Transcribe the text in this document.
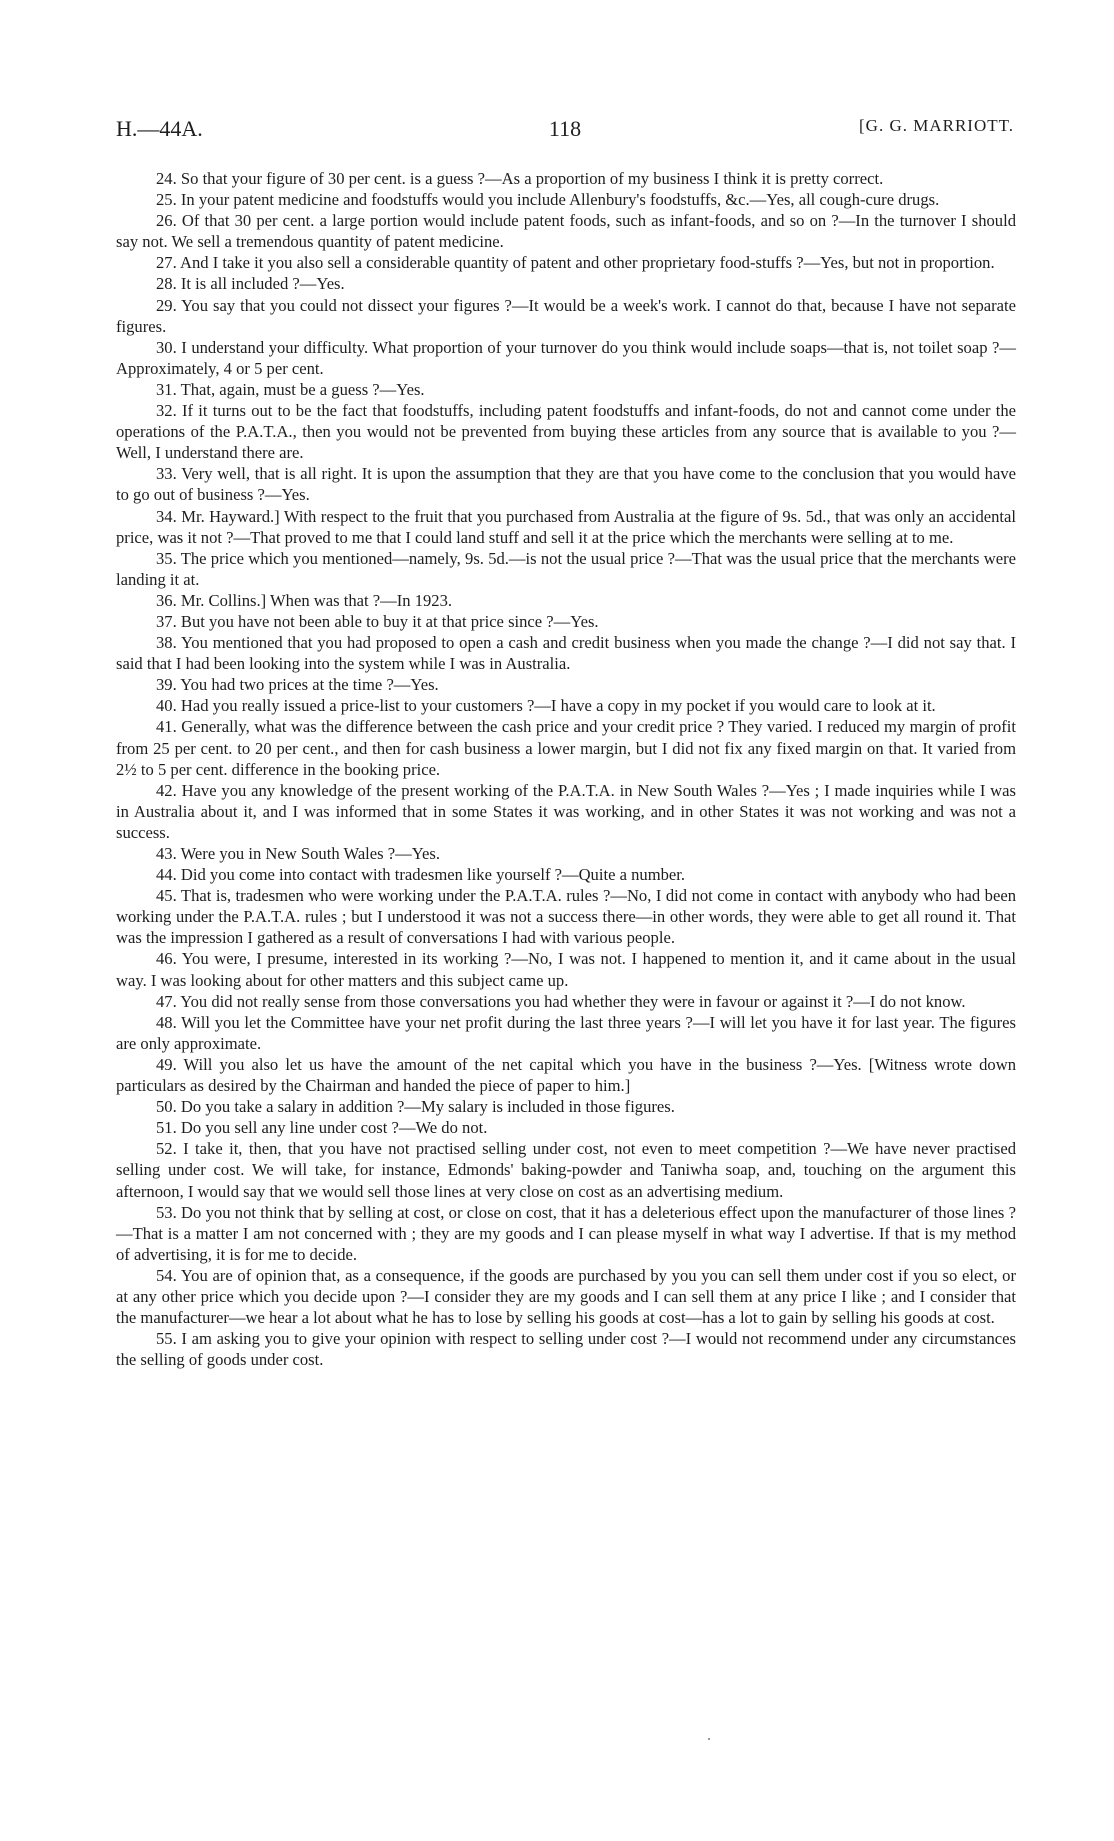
H.—44A.	118	[G. G. MARRIOTT.

24. So that your figure of 30 per cent. is a guess ?—As a proportion of my business I think it is pretty correct.

25. In your patent medicine and foodstuffs would you include Allenbury's foodstuffs, &c.—Yes, all cough-cure drugs.

26. Of that 30 per cent. a large portion would include patent foods, such as infant-foods, and so on ?—In the turnover I should say not. We sell a tremendous quantity of patent medicine.

27. And I take it you also sell a considerable quantity of patent and other proprietary food-stuffs ?—Yes, but not in proportion.

28. It is all included ?—Yes.

29. You say that you could not dissect your figures ?—It would be a week's work. I cannot do that, because I have not separate figures.

30. I understand your difficulty. What proportion of your turnover do you think would include soaps—that is, not toilet soap ?—Approximately, 4 or 5 per cent.

31. That, again, must be a guess ?—Yes.

32. If it turns out to be the fact that foodstuffs, including patent foodstuffs and infant-foods, do not and cannot come under the operations of the P.A.T.A., then you would not be prevented from buying these articles from any source that is available to you ?—Well, I understand there are.

33. Very well, that is all right. It is upon the assumption that they are that you have come to the conclusion that you would have to go out of business ?—Yes.

34. Mr. Hayward.] With respect to the fruit that you purchased from Australia at the figure of 9s. 5d., that was only an accidental price, was it not ?—That proved to me that I could land stuff and sell it at the price which the merchants were selling at to me.

35. The price which you mentioned—namely, 9s. 5d.—is not the usual price ?—That was the usual price that the merchants were landing it at.

36. Mr. Collins.] When was that ?—In 1923.

37. But you have not been able to buy it at that price since ?—Yes.

38. You mentioned that you had proposed to open a cash and credit business when you made the change ?—I did not say that. I said that I had been looking into the system while I was in Australia.

39. You had two prices at the time ?—Yes.

40. Had you really issued a price-list to your customers ?—I have a copy in my pocket if you would care to look at it.

41. Generally, what was the difference between the cash price and your credit price ? They varied. I reduced my margin of profit from 25 per cent. to 20 per cent., and then for cash business a lower margin, but I did not fix any fixed margin on that. It varied from 2½ to 5 per cent. difference in the booking price.

42. Have you any knowledge of the present working of the P.A.T.A. in New South Wales ?—Yes ; I made inquiries while I was in Australia about it, and I was informed that in some States it was working, and in other States it was not working and was not a success.

43. Were you in New South Wales ?—Yes.

44. Did you come into contact with tradesmen like yourself ?—Quite a number.

45. That is, tradesmen who were working under the P.A.T.A. rules ?—No, I did not come in contact with anybody who had been working under the P.A.T.A. rules ; but I understood it was not a success there—in other words, they were able to get all round it. That was the impression I gathered as a result of conversations I had with various people.

46. You were, I presume, interested in its working ?—No, I was not. I happened to mention it, and it came about in the usual way. I was looking about for other matters and this subject came up.

47. You did not really sense from those conversations you had whether they were in favour or against it ?—I do not know.

48. Will you let the Committee have your net profit during the last three years ?—I will let you have it for last year. The figures are only approximate.

49. Will you also let us have the amount of the net capital which you have in the business ?—Yes. [Witness wrote down particulars as desired by the Chairman and handed the piece of paper to him.]

50. Do you take a salary in addition ?—My salary is included in those figures.

51. Do you sell any line under cost ?—We do not.

52. I take it, then, that you have not practised selling under cost, not even to meet competition ?—We have never practised selling under cost. We will take, for instance, Edmonds' baking-powder and Taniwha soap, and, touching on the argument this afternoon, I would say that we would sell those lines at very close on cost as an advertising medium.

53. Do you not think that by selling at cost, or close on cost, that it has a deleterious effect upon the manufacturer of those lines ?—That is a matter I am not concerned with ; they are my goods and I can please myself in what way I advertise. If that is my method of advertising, it is for me to decide.

54. You are of opinion that, as a consequence, if the goods are purchased by you you can sell them under cost if you so elect, or at any other price which you decide upon ?—I consider they are my goods and I can sell them at any price I like ; and I consider that the manufacturer—we hear a lot about what he has to lose by selling his goods at cost—has a lot to gain by selling his goods at cost.

55. I am asking you to give your opinion with respect to selling under cost ?—I would not recommend under any circumstances the selling of goods under cost.
